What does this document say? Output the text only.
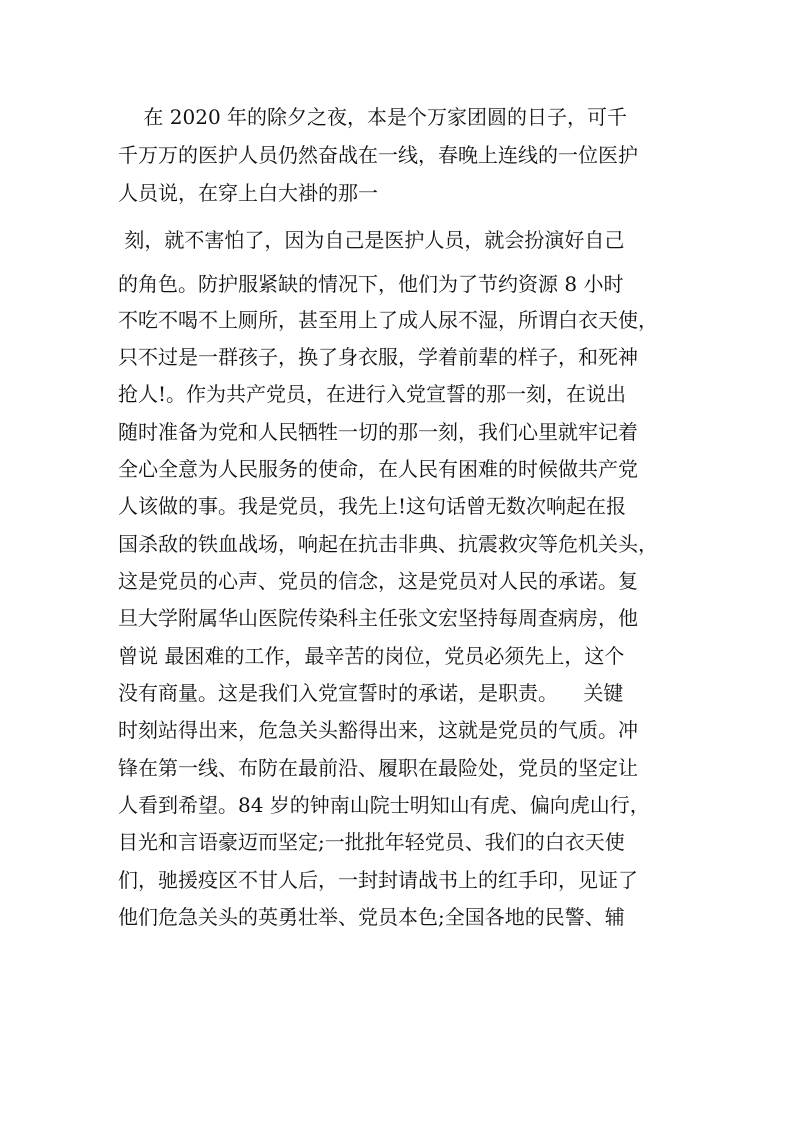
在 2020 年的除夕之夜，本是个万家团圆的日子，可千
千万万的医护人员仍然奋战在一线，春晚上连线的一位医护
人员说，在穿上白大褂的那一
刻，就不害怕了，因为自己是医护人员，就会扮演好自己
的角色。防护服紧缺的情况下，他们为了节约资源 8 小时
不吃不喝不上厕所，甚至用上了成人尿不湿，所谓白衣天使，
只不过是一群孩子，换了身衣服，学着前辈的样子，和死神
抢人!。作为共产党员，在进行入党宣誓的那一刻，在说出
随时准备为党和人民牺牲一切的那一刻，我们心里就牢记着
全心全意为人民服务的使命，在人民有困难的时候做共产党
人该做的事。我是党员，我先上!这句话曾无数次响起在报
国杀敌的铁血战场，响起在抗击非典、抗震救灾等危机关头，
这是党员的心声、党员的信念，这是党员对人民的承诺。复
旦大学附属华山医院传染科主任张文宏坚持每周查病房，他
曾说 最困难的工作，最辛苦的岗位，党员必须先上，这个
没有商量。这是我们入党宣誓时的承诺，是职责。    关键
时刻站得出来，危急关头豁得出来，这就是党员的气质。冲
锋在第一线、布防在最前沿、履职在最险处，党员的坚定让
人看到希望。84 岁的钟南山院士明知山有虎、偏向虎山行，
目光和言语豪迈而坚定;一批批年轻党员、我们的白衣天使
们，驰援疫区不甘人后，一封封请战书上的红手印，见证了
他们危急关头的英勇壮举、党员本色;全国各地的民警、辅
